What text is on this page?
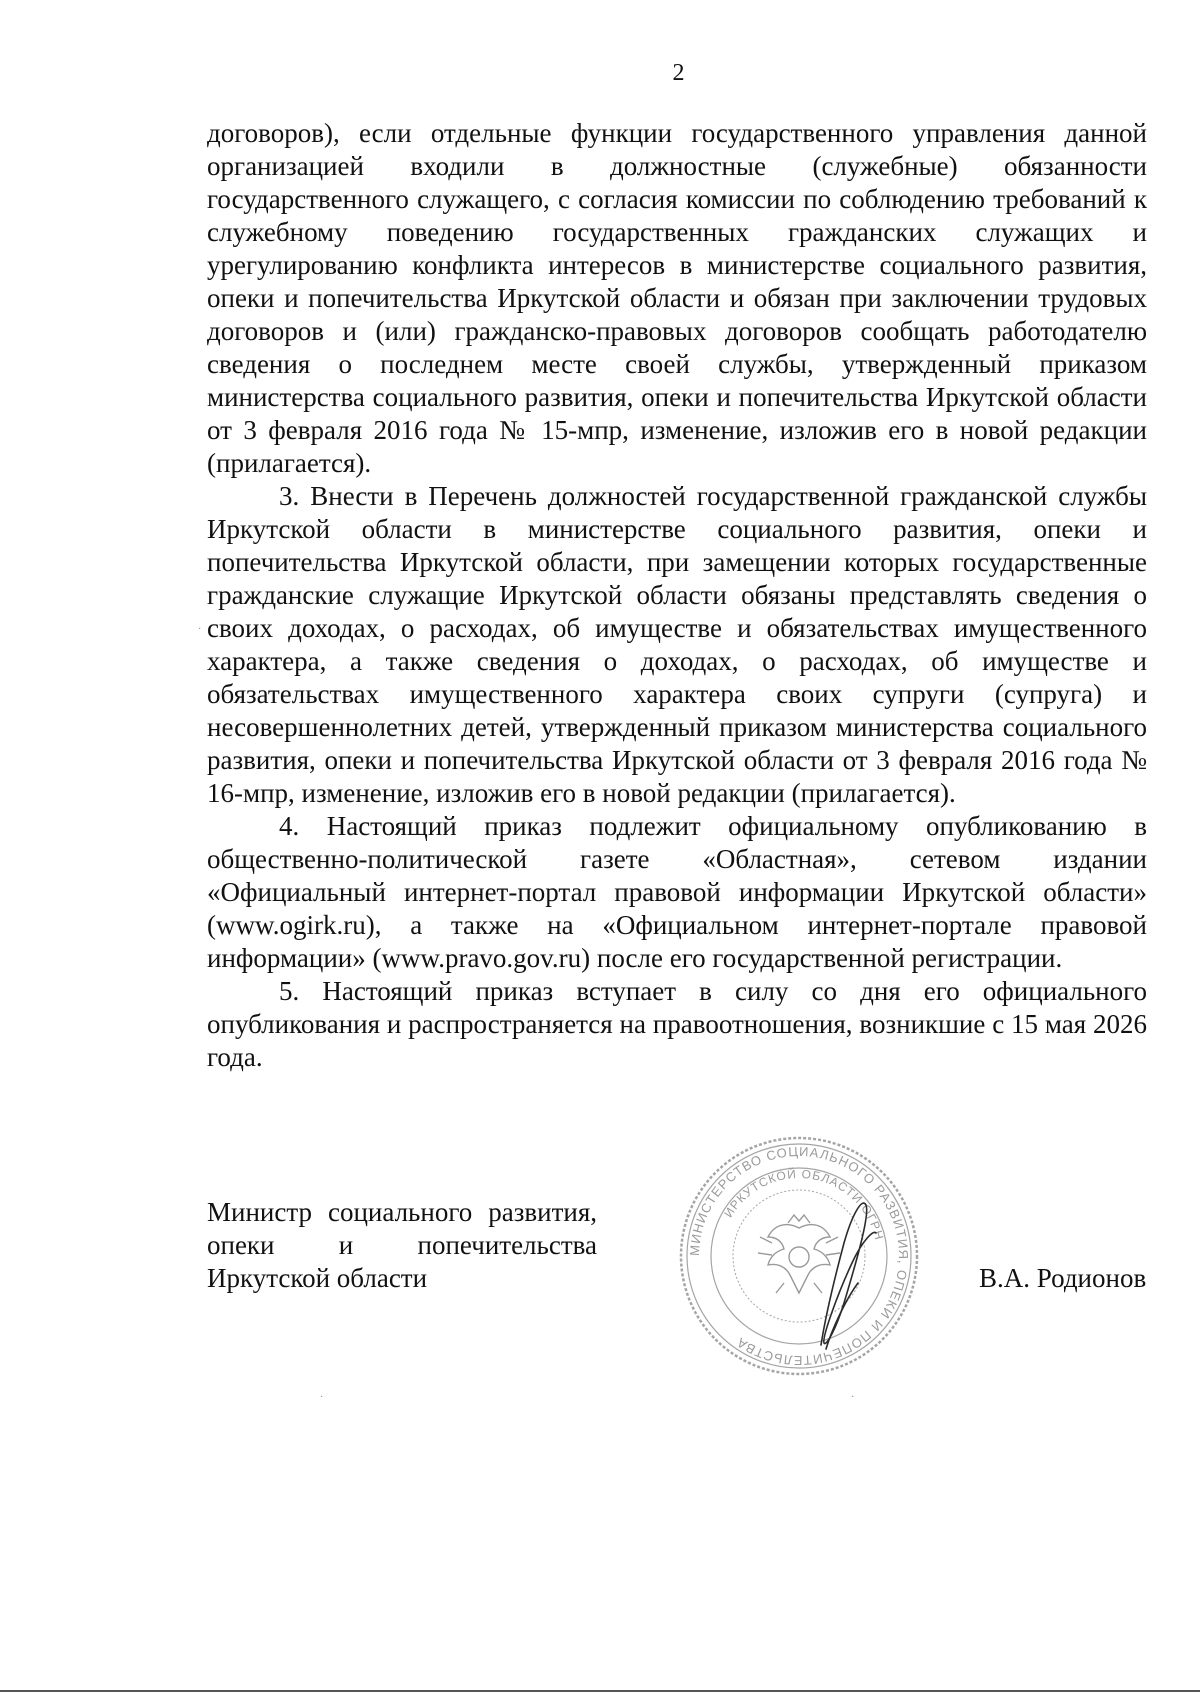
2

договоров), если отдельные функции государственного управления данной организацией входили в должностные (служебные) обязанности государственного служащего, с согласия комиссии по соблюдению требований к служебному поведению государственных гражданских служащих и урегулированию конфликта интересов в министерстве социального развития, опеки и попечительства Иркутской области и обязан при заключении трудовых договоров и (или) гражданско-правовых договоров сообщать работодателю сведения о последнем месте своей службы, утвержденный приказом министерства социального развития, опеки и попечительства Иркутской области от 3 февраля 2016 года № 15-мпр, изменение, изложив его в новой редакции (прилагается).

3. Внести в Перечень должностей государственной гражданской службы Иркутской области в министерстве социального развития, опеки и попечительства Иркутской области, при замещении которых государственные гражданские служащие Иркутской области обязаны представлять сведения о своих доходах, о расходах, об имуществе и обязательствах имущественного характера, а также сведения о доходах, о расходах, об имуществе и обязательствах имущественного характера своих супруги (супруга) и несовершеннолетних детей, утвержденный приказом министерства социального развития, опеки и попечительства Иркутской области от 3 февраля 2016 года № 16-мпр, изменение, изложив его в новой редакции (прилагается).

4. Настоящий приказ подлежит официальному опубликованию в общественно-политической газете «Областная», сетевом издании «Официальный интернет-портал правовой информации Иркутской области» (www.ogirk.ru), а также на «Официальном интернет-портале правовой информации» (www.pravo.gov.ru) после его государственной регистрации.

5. Настоящий приказ вступает в силу со дня его официального опубликования и распространяется на правоотношения, возникшие с 15 мая 2026 года.

Министр социального развития,
опеки и попечительства
Иркутской области
МИНИСТЕРСТВО СОЦИАЛЬНОГО РАЗВИТИЯ, ОПЕКИ И ПОПЕЧИТЕЛЬСТВА
ИРКУТСКОЙ ОБЛАСТИ ОГРН
В.А. Родионов
·	·
·
